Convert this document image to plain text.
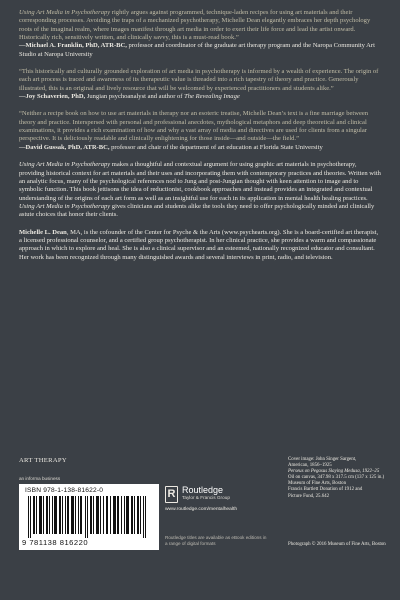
Using Art Media in Psychotherapy rightly argues against programmed, technique-laden recipes for using art materials and their corresponding processes. Avoiding the traps of a mechanized psychotherapy, Michelle Dean elegantly embraces her depth psychology roots of the imaginal realm, where images manifest through art media in order to exert their life force and lead the artist onward. Historically rich, sensitively written, and clinically savvy, this is a must-read book.”

—Michael A. Franklin, PhD, ATR-BC, professor and coordinator of the graduate art therapy program and the Naropa Community Art Studio at Naropa University

“This historically and culturally grounded exploration of art media in psychotherapy is informed by a wealth of experience. The origin of each art process is traced and awareness of its therapeutic value is threaded into a rich tapestry of theory and practice. Generously illustrated, this is an original and lively resource that will be welcomed by experienced practitioners and students alike.”

—Joy Schaverien, PhD, Jungian psychoanalyst and author of The Revealing Image

“Neither a recipe book on how to use art materials in therapy nor an esoteric treatise, Michelle Dean’s text is a fine marriage between theory and practice. Interspersed with personal and professional anecdotes, mythological metaphors and deep theoretical and clinical examinations, it provides a rich examination of how and why a vast array of media and directives are used for clients from a singular perspective. It is deliciously readable and clinically enlightening for those inside—and outside—the field.”

—David Gussak, PhD, ATR-BC, professor and chair of the department of art education at Florida State University

Using Art Media in Psychotherapy makes a thoughtful and contextual argument for using graphic art materials in psychotherapy, providing historical context for art materials and their uses and incorporating them with contemporary practices and theories. Written with an analytic focus, many of the psychological references nod to Jung and post-Jungian thought with keen attention to image and to symbolic function. This book jettisons the idea of reductionist, cookbook approaches and instead provides an integrated and contextual understanding of the origins of each art form as well as an insightful use for each in its application in mental health healing practices. Using Art Media in Psychotherapy gives clinicians and students alike the tools they need to offer psychologically minded and clinically astute choices that honor their clients.

Michelle L. Dean, MA, is the cofounder of the Center for Psyche & the Arts (www.psychearts.org). She is a board-certified art therapist, a licensed professional counselor, and a certified group psychotherapist. In her clinical practice, she provides a warm and compassionate approach in which to explore and heal. She is also a clinical supervisor and an esteemed, nationally recognized educator and consultant. Her work has been recognized through many distinguished awards and several interviews in print, radio, and television.

ART THERAPY
an informa business
ISBN 978-1-138-81622-0
9 781138 816220
R Routledge
Taylor & Francis Group
www.routledge.com/mentalhealth
Routledge titles are available as eBook editions in a range of digital formats
Cover image: John Singer Sargent,
American, 1856–1925
Perseus on Pegasus Slaying Medusa, 1922–25
Oil on canvas, 347.98 x 317.5 cm (137 x 125 in.)
Museum of Fine Arts, Boston
Francis Bartlett Donation of 1912 and
Picture Fund, 25.642
Photograph © 2016 Museum of Fine Arts, Boston
